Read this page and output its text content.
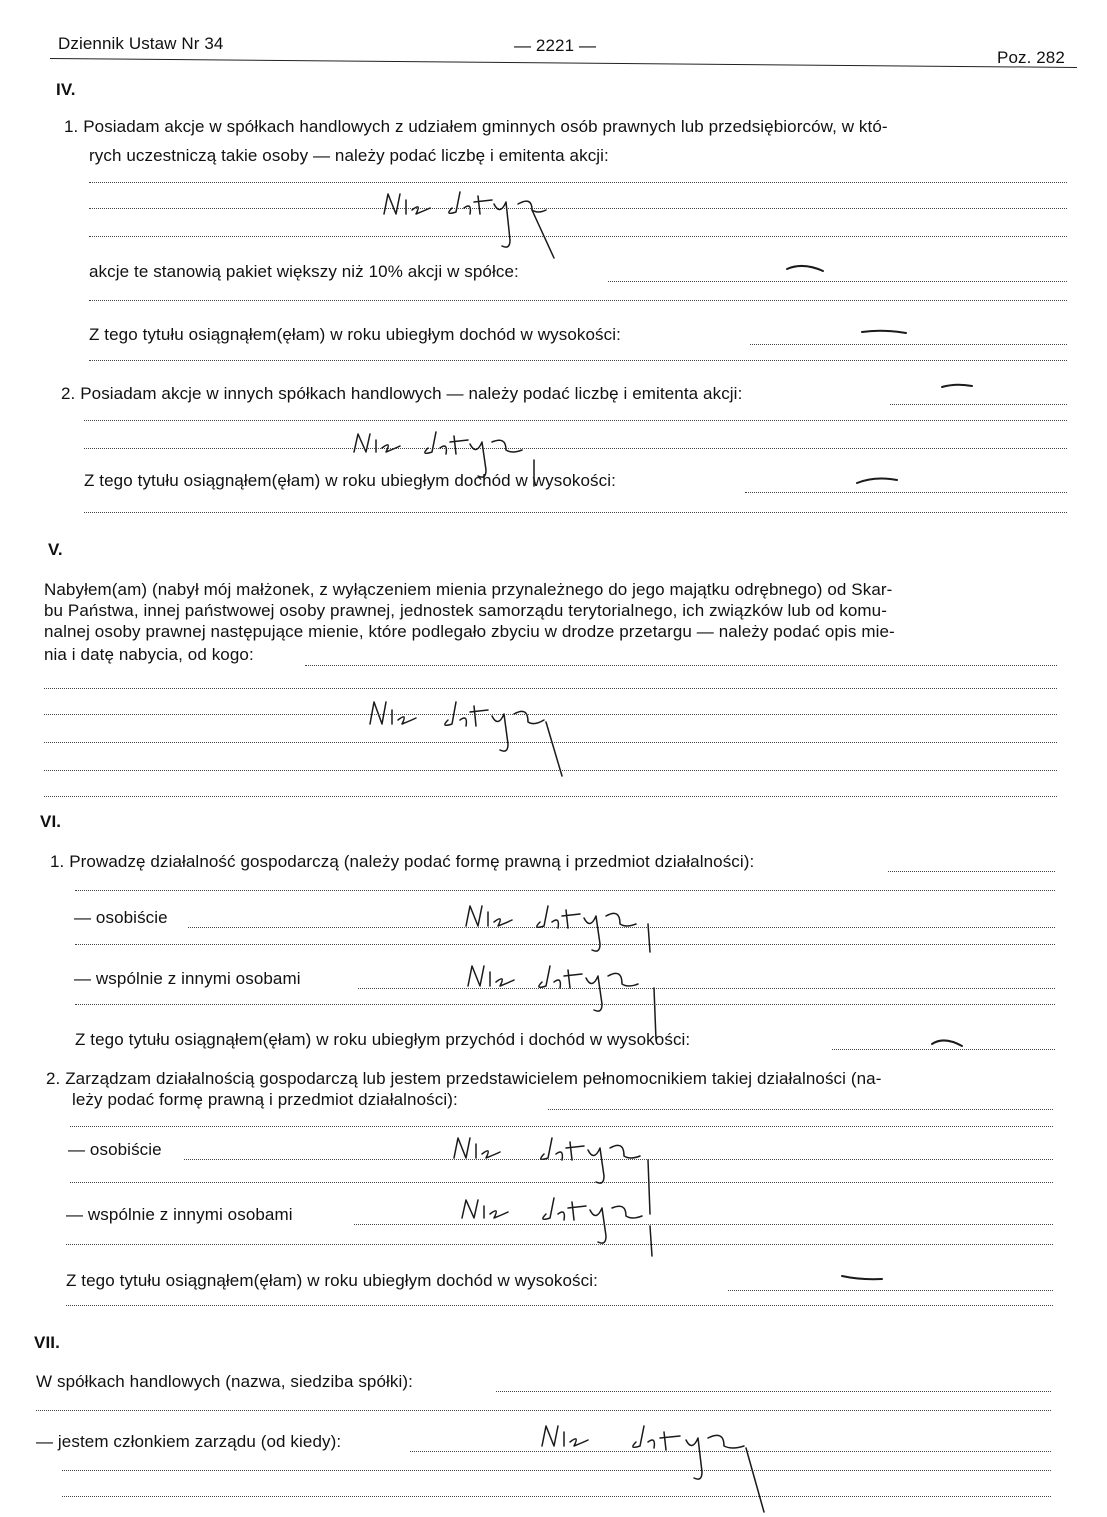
Dziennik Ustaw Nr 34	— 2221 —
Poz. 282
IV.
1. Posiadam akcje w spółkach handlowych z udziałem gminnych osób prawnych lub przedsiębiorców, w któ-
rych uczestniczą takie osoby — należy podać liczbę i emitenta akcji:
akcje te stanowią pakiet większy niż 10% akcji w spółce:
Z tego tytułu osiągnąłem(ęłam) w roku ubiegłym dochód w wysokości:
2. Posiadam akcje w innych spółkach handlowych — należy podać liczbę i emitenta akcji:
Z tego tytułu osiągnąłem(ęłam) w roku ubiegłym dochód w wysokości:
V.
Nabyłem(am) (nabył mój małżonek, z wyłączeniem mienia przynależnego do jego majątku odrębnego) od Skar-
bu Państwa, innej państwowej osoby prawnej, jednostek samorządu terytorialnego, ich związków lub od komu-
nalnej osoby prawnej następujące mienie, które podlegało zbyciu w drodze przetargu — należy podać opis mie-
nia i datę nabycia, od kogo:
VI.
1. Prowadzę działalność gospodarczą (należy podać formę prawną i przedmiot działalności):
— osobiście
— wspólnie z innymi osobami
Z tego tytułu osiągnąłem(ęłam) w roku ubiegłym przychód i dochód w wysokości:
2. Zarządzam działalnością gospodarczą lub jestem przedstawicielem pełnomocnikiem takiej działalności (na-
leży podać formę prawną i przedmiot działalności):
— osobiście
— wspólnie z innymi osobami
Z tego tytułu osiągnąłem(ęłam) w roku ubiegłym dochód w wysokości:
VII.
W spółkach handlowych (nazwa, siedziba spółki):
— jestem członkiem zarządu (od kiedy):
